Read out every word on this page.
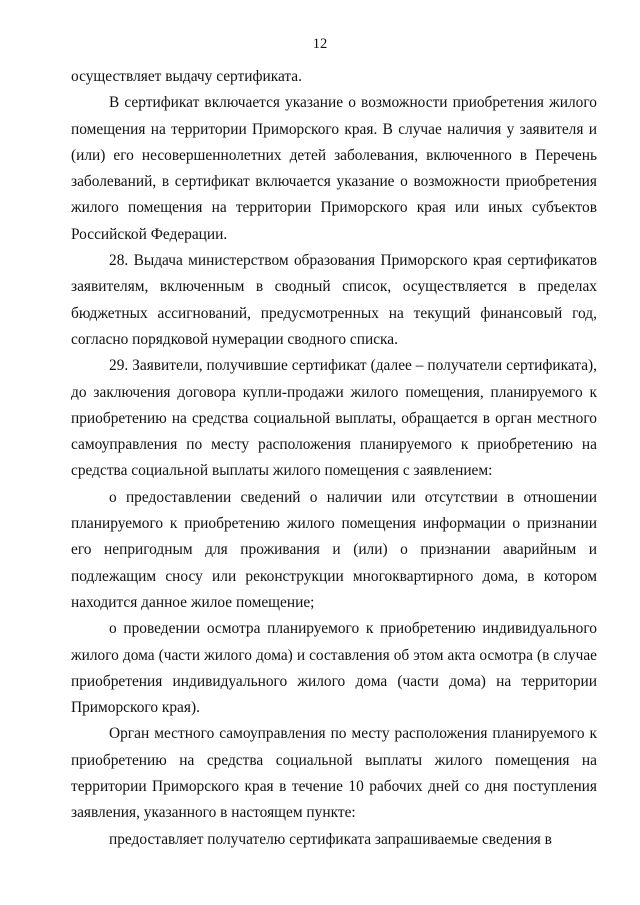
12

осуществляет выдачу сертификата.

В сертификат включается указание о возможности приобретения жилого помещения на территории Приморского края. В случае наличия у заявителя и (или) его несовершеннолетних детей заболевания, включенного в Перечень заболеваний, в сертификат включается указание о возможности приобретения жилого помещения на территории Приморского края или иных субъектов Российской Федерации.

28. Выдача министерством образования Приморского края сертификатов заявителям, включенным в сводный список, осуществляется в пределах бюджетных ассигнований, предусмотренных на текущий финансовый год, согласно порядковой нумерации сводного списка.

29. Заявители, получившие сертификат (далее – получатели сертификата), до заключения договора купли-продажи жилого помещения, планируемого к приобретению на средства социальной выплаты, обращается в орган местного самоуправления по месту расположения планируемого к приобретению на средства социальной выплаты жилого помещения с заявлением:

о предоставлении сведений о наличии или отсутствии в отношении планируемого к приобретению жилого помещения информации о признании его непригодным для проживания и (или) о признании аварийным и подлежащим сносу или реконструкции многоквартирного дома, в котором находится данное жилое помещение;

о проведении осмотра планируемого к приобретению индивидуального жилого дома (части жилого дома) и составления об этом акта осмотра (в случае приобретения индивидуального жилого дома (части дома) на территории Приморского края).

Орган местного самоуправления по месту расположения планируемого к приобретению на средства социальной выплаты жилого помещения на территории Приморского края в течение 10 рабочих дней со дня поступления заявления, указанного в настоящем пункте:

предоставляет получателю сертификата запрашиваемые сведения в
